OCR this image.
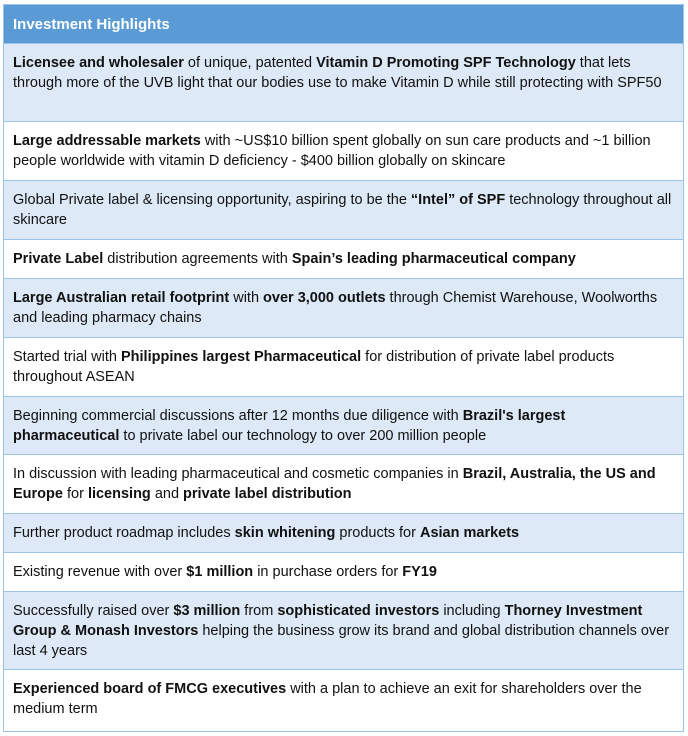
Investment Highlights
Licensee and wholesaler of unique, patented Vitamin D Promoting SPF Technology that lets through more of the UVB light that our bodies use to make Vitamin D while still protecting with SPF50
Large addressable markets with ~US$10 billion spent globally on sun care products and ~1 billion people worldwide with vitamin D deficiency - $400 billion globally on skincare
Global Private label & licensing opportunity, aspiring to be the “Intel” of SPF technology throughout all skincare
Private Label distribution agreements with Spain’s leading pharmaceutical company
Large Australian retail footprint with over 3,000 outlets through Chemist Warehouse, Woolworths and leading pharmacy chains
Started trial with Philippines largest Pharmaceutical for distribution of private label products throughout ASEAN
Beginning commercial discussions after 12 months due diligence with Brazil's largest pharmaceutical to private label our technology to over 200 million people
In discussion with leading pharmaceutical and cosmetic companies in Brazil, Australia, the US and Europe for licensing and private label distribution
Further product roadmap includes skin whitening products for Asian markets
Existing revenue with over $1 million in purchase orders for FY19
Successfully raised over $3 million from sophisticated investors including Thorney Investment Group & Monash Investors helping the business grow its brand and global distribution channels over last 4 years
Experienced board of FMCG executives with a plan to achieve an exit for shareholders over the medium term
